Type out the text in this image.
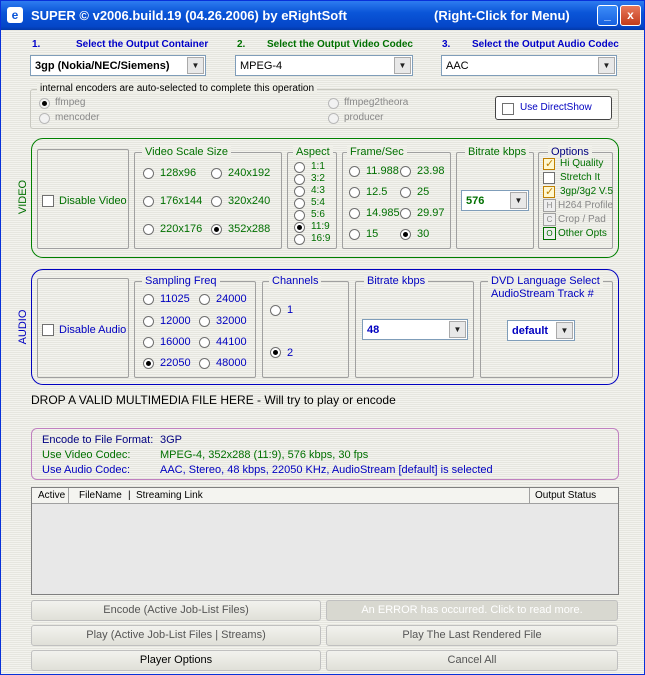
e SUPER © v2006.build.19 (04.26.2006) by eRightSoft	(Right-Click for Menu)	_	x
1.	Select the Output Container	2. Select the Output Video Codec	3. Select the Output Audio Codec
3gp (Nokia/NEC/Siemens)	▼	MPEG-4	▼	AAC	▼
internal encoders are auto-selected to complete this operation
ffmpeg
mencoder
ffmpeg2theora
producer
Use DirectShow
VIDEO	Disable Video
Video Scale Size
128x96	240x192
176x144 320x240
220x176 352x288
Aspect
1:1
3:2
4:3
5:4
5:6
11:9
16:9
Frame/Sec
11.988 23.98
12.5	25
14.985 29.97
15	30
Bitrate kbps
576	▼
Options
✓
Hi Quality
Stretch It
✓
3gp/3g2 V.5
H H264 Profile
C Crop / Pad
O Other Opts
AUDIO	Disable Audio
Sampling Freq
11025 24000
12000 32000
16000 44100
22050 48000
Channels
1
2
Bitrate kbps
48	▼
DVD Language Select
AudioStream Track #
default	▼
DROP A VALID MULTIMEDIA FILE HERE - Will try to play or encode
Encode to File Format: 3GP
Use Video Codec:	MPEG-4, 352x288 (11:9), 576 kbps, 30 fps
Use Audio Codec:	AAC, Stereo, 48 kbps, 22050 KHz, AudioStream [default] is selected
Active FileName | Streaming Link	Output Status
Encode (Active Job-List Files)	An ERROR has occurred. Click to read more.
Play (Active Job-List Files | Streams)	Play The Last Rendered File
Player Options	Cancel All
